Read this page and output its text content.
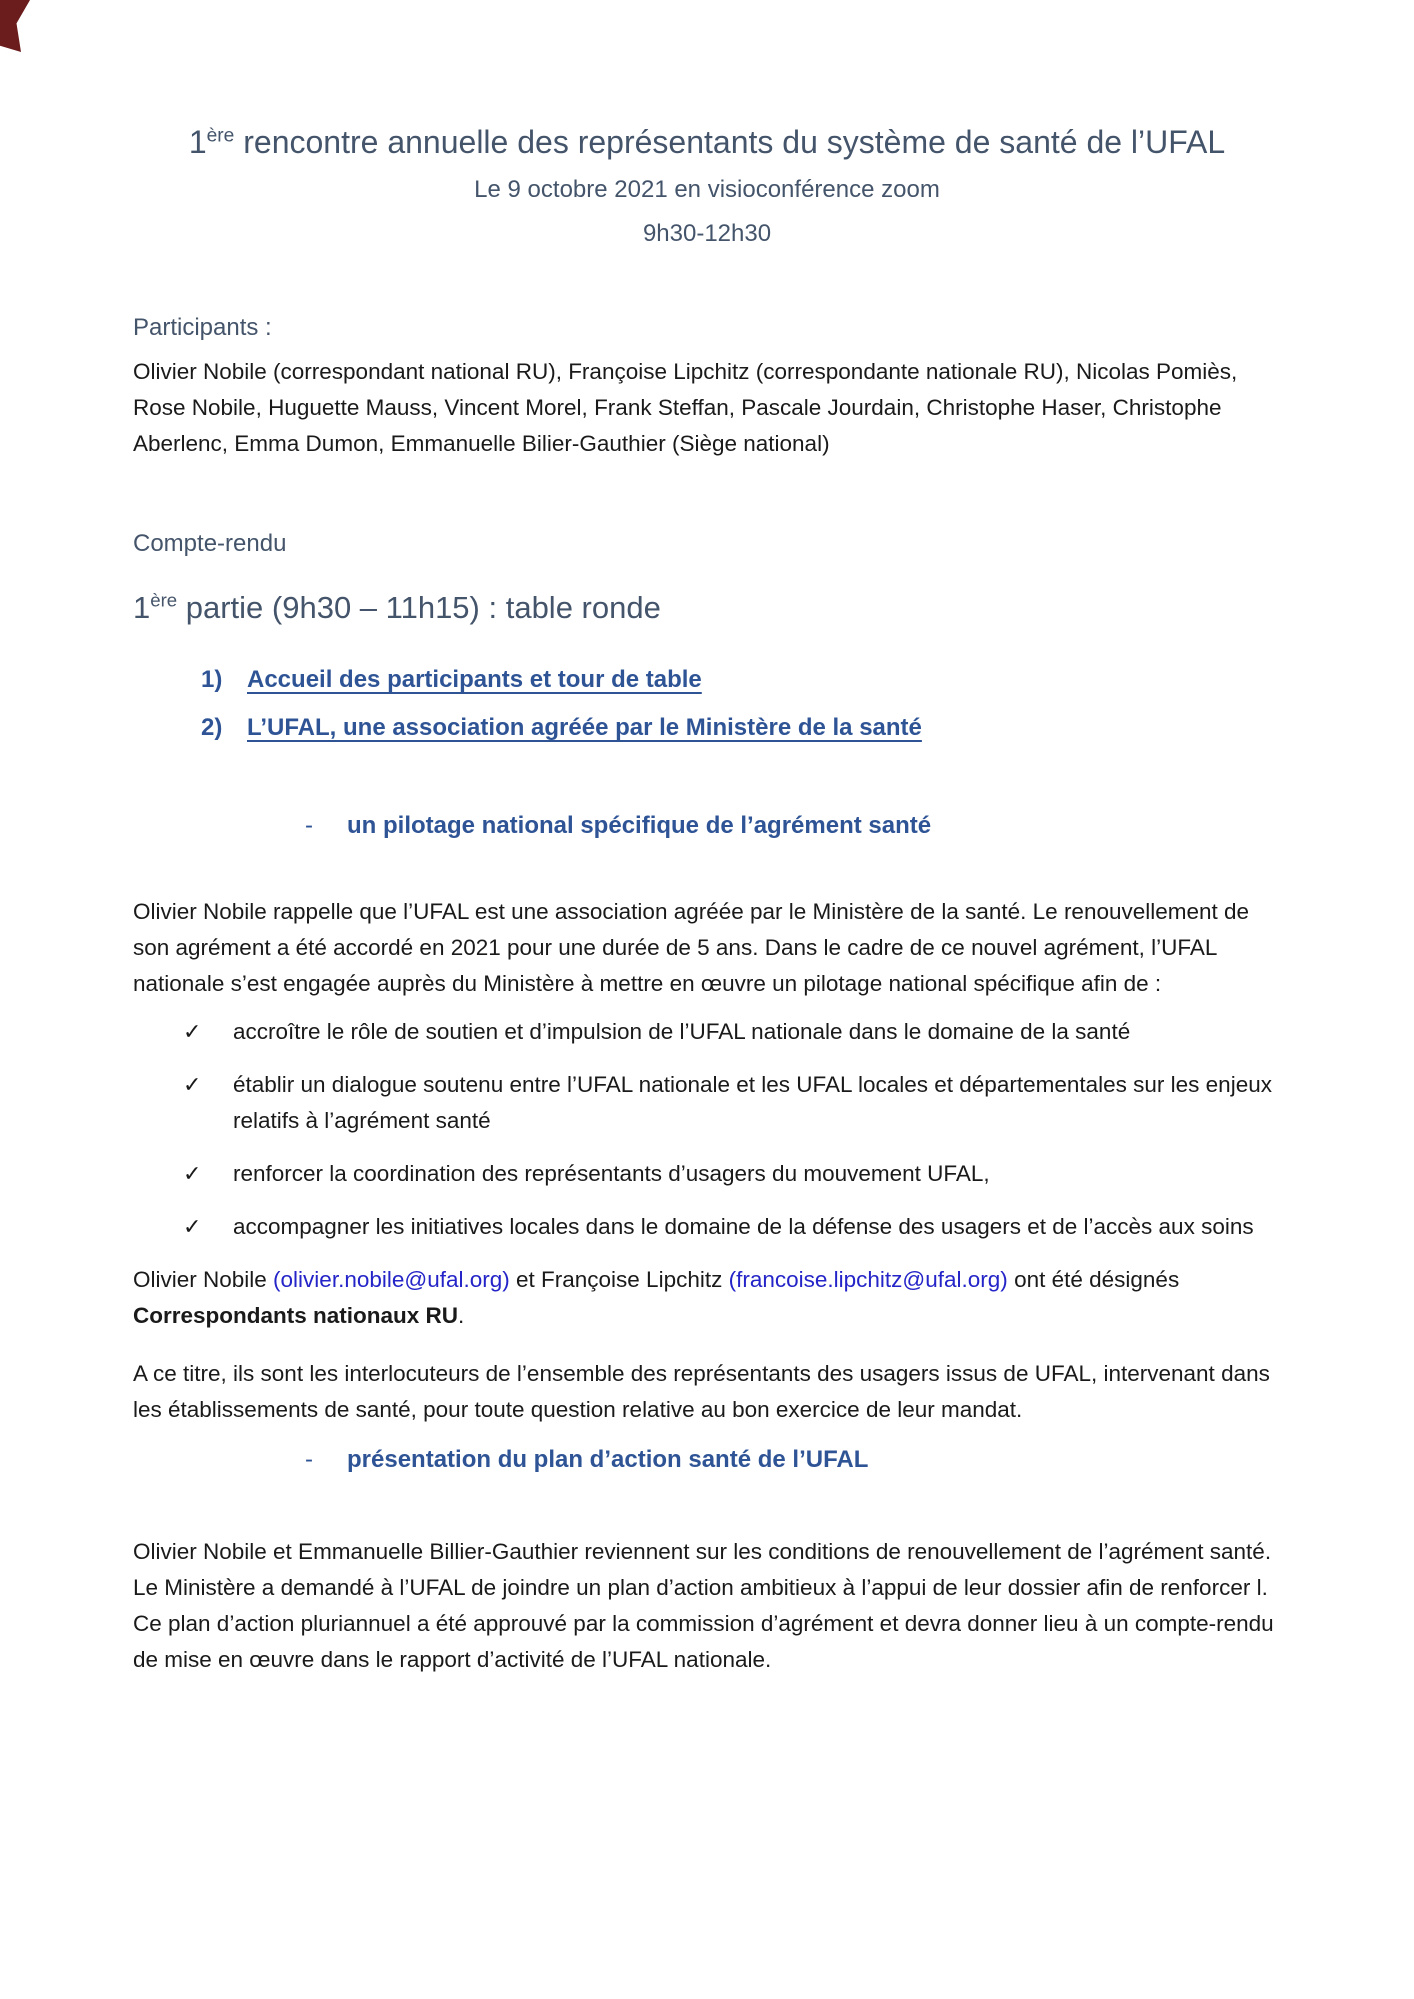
1ère rencontre annuelle des représentants du système de santé de l’UFAL
Le 9 octobre 2021 en visioconférence zoom
9h30-12h30
Participants :

Olivier Nobile (correspondant national RU), Françoise Lipchitz (correspondante nationale RU), Nicolas Pomiès, Rose Nobile, Huguette Mauss, Vincent Morel, Frank Steffan, Pascale Jourdain, Christophe Haser, Christophe Aberlenc, Emma Dumon, Emmanuelle Bilier-Gauthier (Siège national)

Compte-rendu
1ère partie (9h30 – 11h15) : table ronde
1)	Accueil des participants et tour de table
2)	L’UFAL, une association agréée par le Ministère de la santé
-	un pilotage national spécifique de l’agrément santé

Olivier Nobile rappelle que l’UFAL est une association agréée par le Ministère de la santé. Le renouvellement de son agrément a été accordé en 2021 pour une durée de 5 ans. Dans le cadre de ce nouvel agrément, l’UFAL nationale s’est engagée auprès du Ministère à mettre en œuvre un pilotage national spécifique afin de :

✓ accroître le rôle de soutien et d’impulsion de l’UFAL nationale dans le domaine de la santé
✓ établir un dialogue soutenu entre l’UFAL nationale et les UFAL locales et départementales sur les enjeux relatifs à l’agrément santé
✓ renforcer la coordination des représentants d’usagers du mouvement UFAL,
✓ accompagner les initiatives locales dans le domaine de la défense des usagers et de l’accès aux soins

Olivier Nobile (olivier.nobile@ufal.org) et Françoise Lipchitz (francoise.lipchitz@ufal.org) ont été désignés Correspondants nationaux RU.

A ce titre, ils sont les interlocuteurs de l’ensemble des représentants des usagers issus de UFAL, intervenant dans les établissements de santé, pour toute question relative au bon exercice de leur mandat.

-	présentation du plan d’action santé de l’UFAL

Olivier Nobile et Emmanuelle Billier-Gauthier reviennent sur les conditions de renouvellement de l’agrément santé. Le Ministère a demandé à l’UFAL de joindre un plan d’action ambitieux à l’appui de leur dossier afin de renforcer l. Ce plan d’action pluriannuel a été approuvé par la commission d’agrément et devra donner lieu à un compte-rendu de mise en œuvre dans le rapport d’activité de l’UFAL nationale.
